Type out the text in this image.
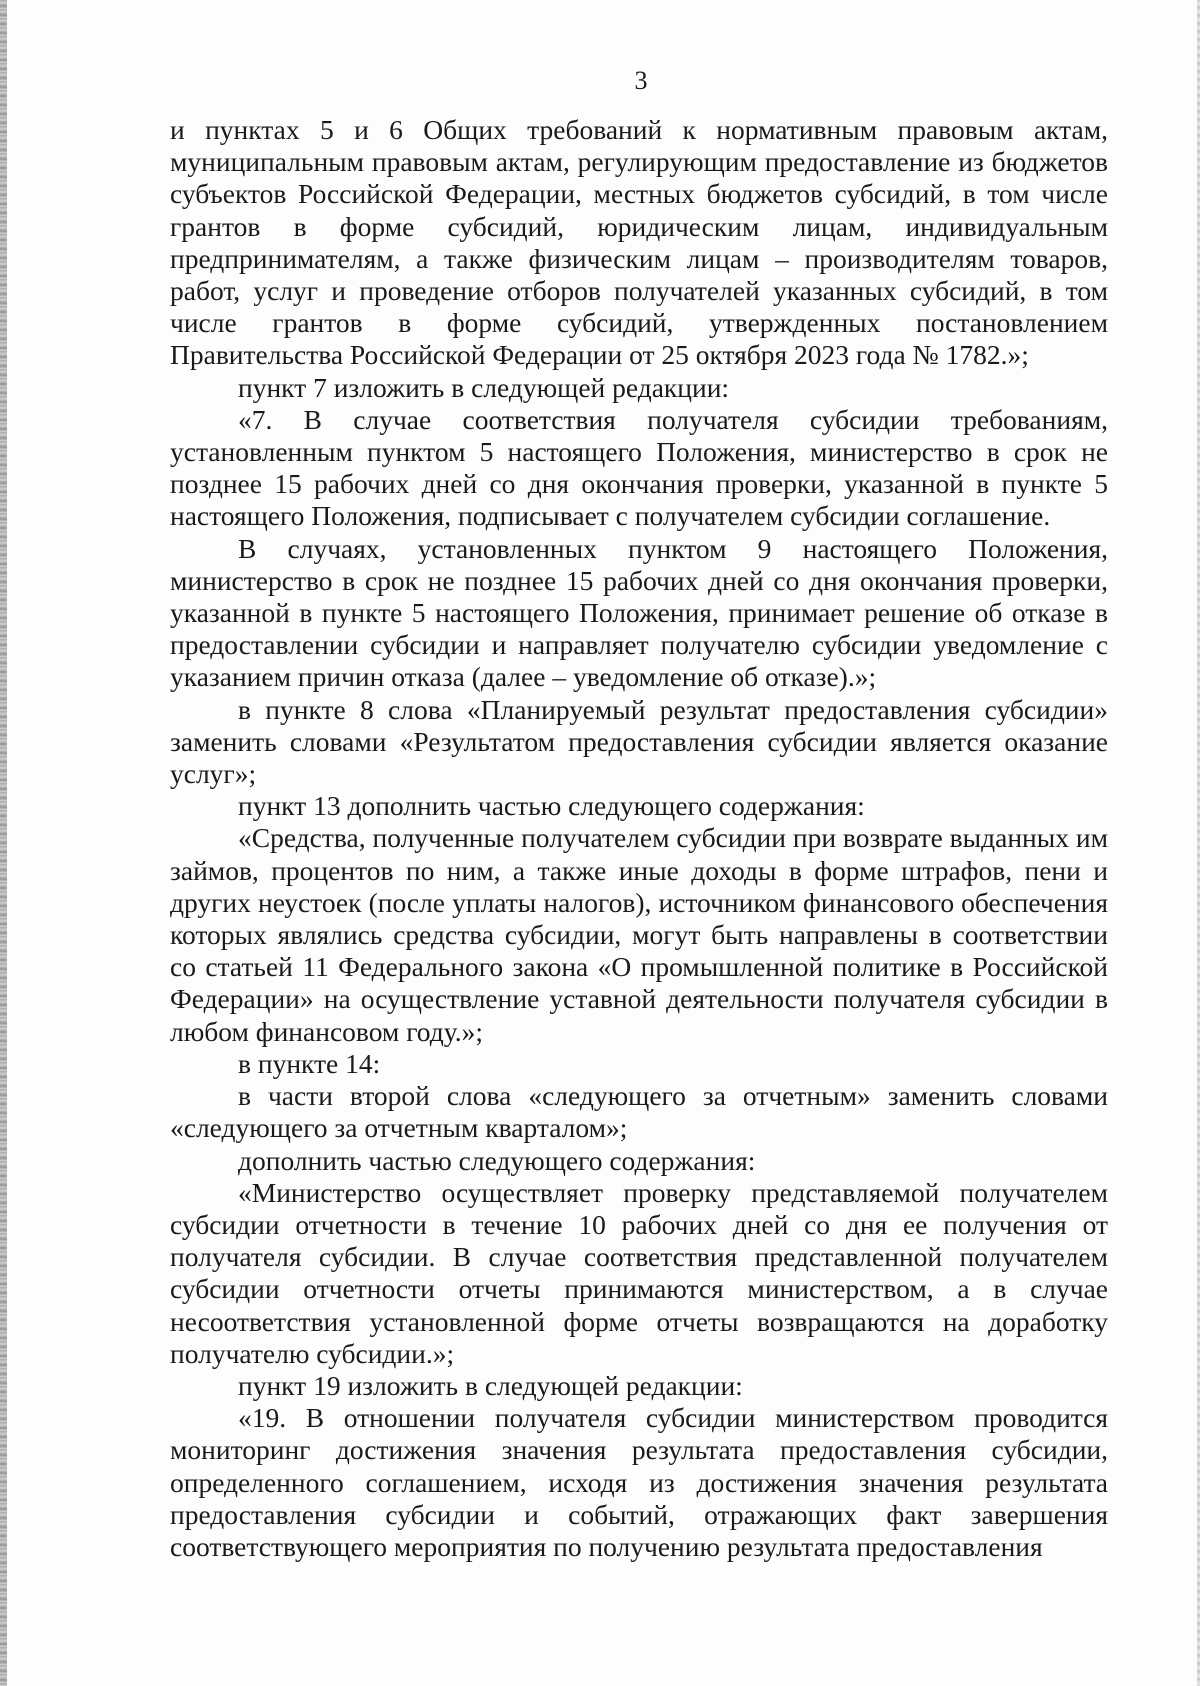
3

и пунктах 5 и 6 Общих требований к нормативным правовым актам, муниципальным правовым актам, регулирующим предоставление из бюджетов субъектов Российской Федерации, местных бюджетов субсидий, в том числе грантов в форме субсидий, юридическим лицам, индивидуальным предпринимателям, а также физическим лицам – производителям товаров, работ, услуг и проведение отборов получателей указанных субсидий, в том числе грантов в форме субсидий, утвержденных постановлением Правительства Российской Федерации от 25 октября 2023 года № 1782.»;

пункт 7 изложить в следующей редакции:

«7. В случае соответствия получателя субсидии требованиям, установленным пунктом 5 настоящего Положения, министерство в срок не позднее 15 рабочих дней со дня окончания проверки, указанной в пункте 5 настоящего Положения, подписывает с получателем субсидии соглашение.

В случаях, установленных пунктом 9 настоящего Положения, министерство в срок не позднее 15 рабочих дней со дня окончания проверки, указанной в пункте 5 настоящего Положения, принимает решение об отказе в предоставлении субсидии и направляет получателю субсидии уведомление с указанием причин отказа (далее – уведомление об отказе).»;

в пункте 8 слова «Планируемый результат предоставления субсидии» заменить словами «Результатом предоставления субсидии является оказание услуг»;

пункт 13 дополнить частью следующего содержания:

«Средства, полученные получателем субсидии при возврате выданных им займов, процентов по ним, а также иные доходы в форме штрафов, пени и других неустоек (после уплаты налогов), источником финансового обеспечения которых являлись средства субсидии, могут быть направлены в соответствии со статьей 11 Федерального закона «О промышленной политике в Российской Федерации» на осуществление уставной деятельности получателя субсидии в любом финансовом году.»;

в пункте 14:

в части второй слова «следующего за отчетным» заменить словами «следующего за отчетным кварталом»;

дополнить частью следующего содержания:

«Министерство осуществляет проверку представляемой получателем субсидии отчетности в течение 10 рабочих дней со дня ее получения от получателя субсидии. В случае соответствия представленной получателем субсидии отчетности отчеты принимаются министерством, а в случае несоответствия установленной форме отчеты возвращаются на доработку получателю субсидии.»;

пункт 19 изложить в следующей редакции:

«19. В отношении получателя субсидии министерством проводится мониторинг достижения значения результата предоставления субсидии, определенного соглашением, исходя из достижения значения результата предоставления субсидии и событий, отражающих факт завершения соответствующего мероприятия по получению результата предоставления
